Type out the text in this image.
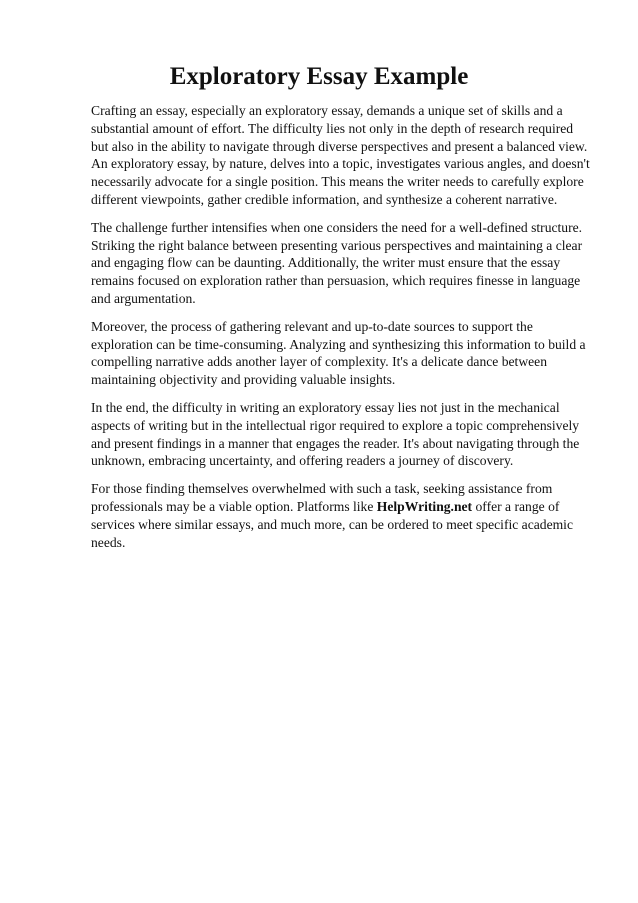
Exploratory Essay Example

Crafting an essay, especially an exploratory essay, demands a unique set of skills and a substantial amount of effort. The difficulty lies not only in the depth of research required but also in the ability to navigate through diverse perspectives and present a balanced view. An exploratory essay, by nature, delves into a topic, investigates various angles, and doesn't necessarily advocate for a single position. This means the writer needs to carefully explore different viewpoints, gather credible information, and synthesize a coherent narrative.

The challenge further intensifies when one considers the need for a well-defined structure. Striking the right balance between presenting various perspectives and maintaining a clear and engaging flow can be daunting. Additionally, the writer must ensure that the essay remains focused on exploration rather than persuasion, which requires finesse in language and argumentation.

Moreover, the process of gathering relevant and up-to-date sources to support the exploration can be time-consuming. Analyzing and synthesizing this information to build a compelling narrative adds another layer of complexity. It's a delicate dance between maintaining objectivity and providing valuable insights.

In the end, the difficulty in writing an exploratory essay lies not just in the mechanical aspects of writing but in the intellectual rigor required to explore a topic comprehensively and present findings in a manner that engages the reader. It's about navigating through the unknown, embracing uncertainty, and offering readers a journey of discovery.

For those finding themselves overwhelmed with such a task, seeking assistance from professionals may be a viable option. Platforms like HelpWriting.net offer a range of services where similar essays, and much more, can be ordered to meet specific academic needs.
